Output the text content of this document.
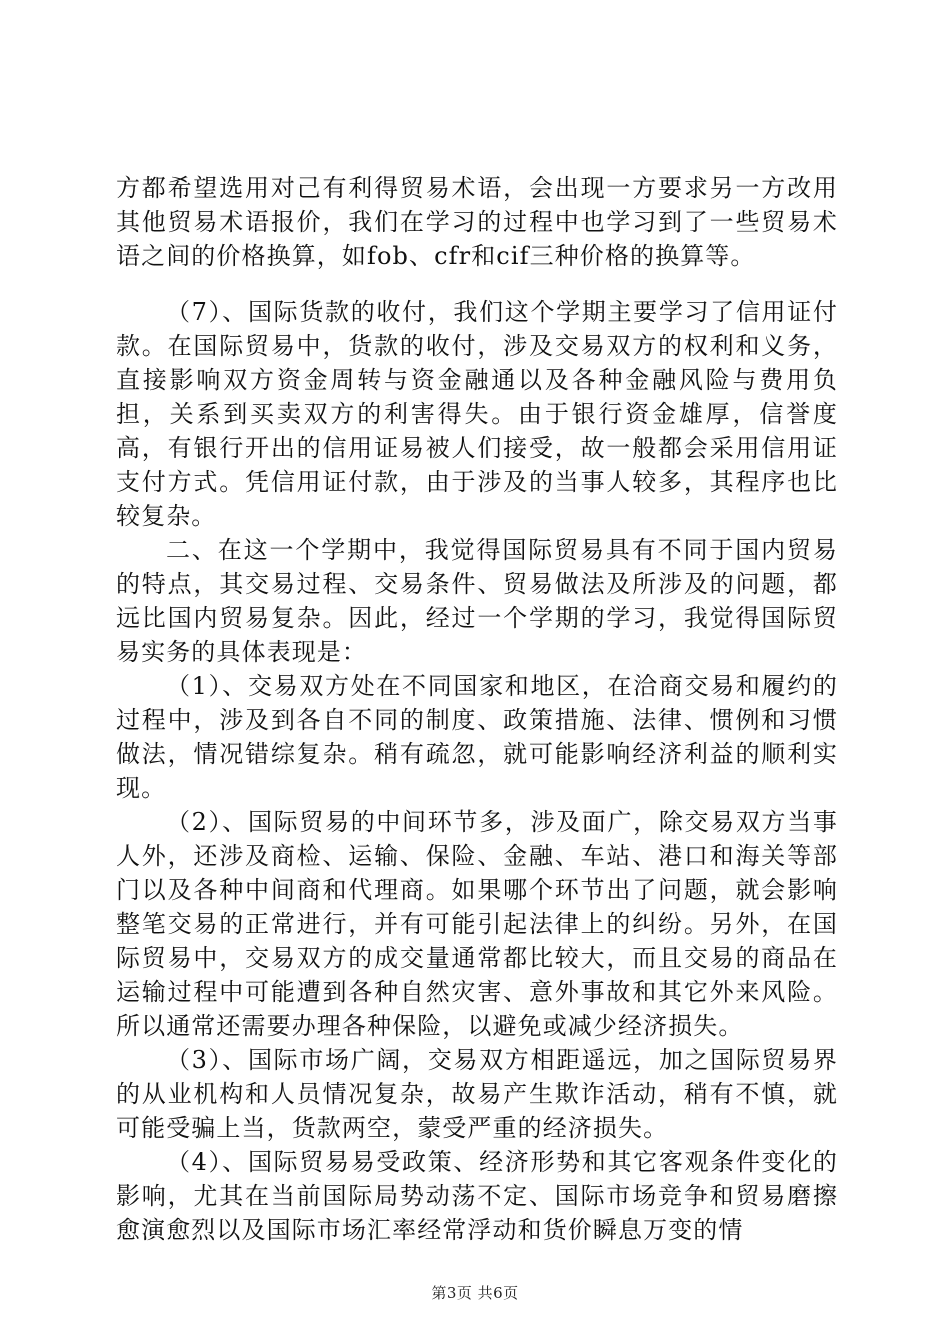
方都希望选用对己有利得贸易术语，会出现一方要求另一方改用其他贸易术语报价，我们在学习的过程中也学习到了一些贸易术语之间的价格换算，如fob、cfr和cif三种价格的换算等。

（7）、国际货款的收付，我们这个学期主要学习了信用证付款。在国际贸易中，货款的收付，涉及交易双方的权利和义务，直接影响双方资金周转与资金融通以及各种金融风险与费用负担，关系到买卖双方的利害得失。由于银行资金雄厚，信誉度高，有银行开出的信用证易被人们接受，故一般都会采用信用证支付方式。凭信用证付款，由于涉及的当事人较多，其程序也比较复杂。

二、在这一个学期中，我觉得国际贸易具有不同于国内贸易的特点，其交易过程、交易条件、贸易做法及所涉及的问题，都远比国内贸易复杂。因此，经过一个学期的学习，我觉得国际贸易实务的具体表现是：

（1）、交易双方处在不同国家和地区，在洽商交易和履约的过程中，涉及到各自不同的制度、政策措施、法律、惯例和习惯做法，情况错综复杂。稍有疏忽，就可能影响经济利益的顺利实现。

（2）、国际贸易的中间环节多，涉及面广，除交易双方当事人外，还涉及商检、运输、保险、金融、车站、港口和海关等部门以及各种中间商和代理商。如果哪个环节出了问题，就会影响整笔交易的正常进行，并有可能引起法律上的纠纷。另外，在国际贸易中，交易双方的成交量通常都比较大，而且交易的商品在运输过程中可能遭到各种自然灾害、意外事故和其它外来风险。所以通常还需要办理各种保险，以避免或减少经济损失。

（3）、国际市场广阔，交易双方相距遥远，加之国际贸易界的从业机构和人员情况复杂，故易产生欺诈活动，稍有不慎，就可能受骗上当，货款两空，蒙受严重的经济损失。

（4）、国际贸易易受政策、经济形势和其它客观条件变化的影响，尤其在当前国际局势动荡不定、国际市场竞争和贸易磨擦愈演愈烈以及国际市场汇率经常浮动和货价瞬息万变的情

第3页 共6页
